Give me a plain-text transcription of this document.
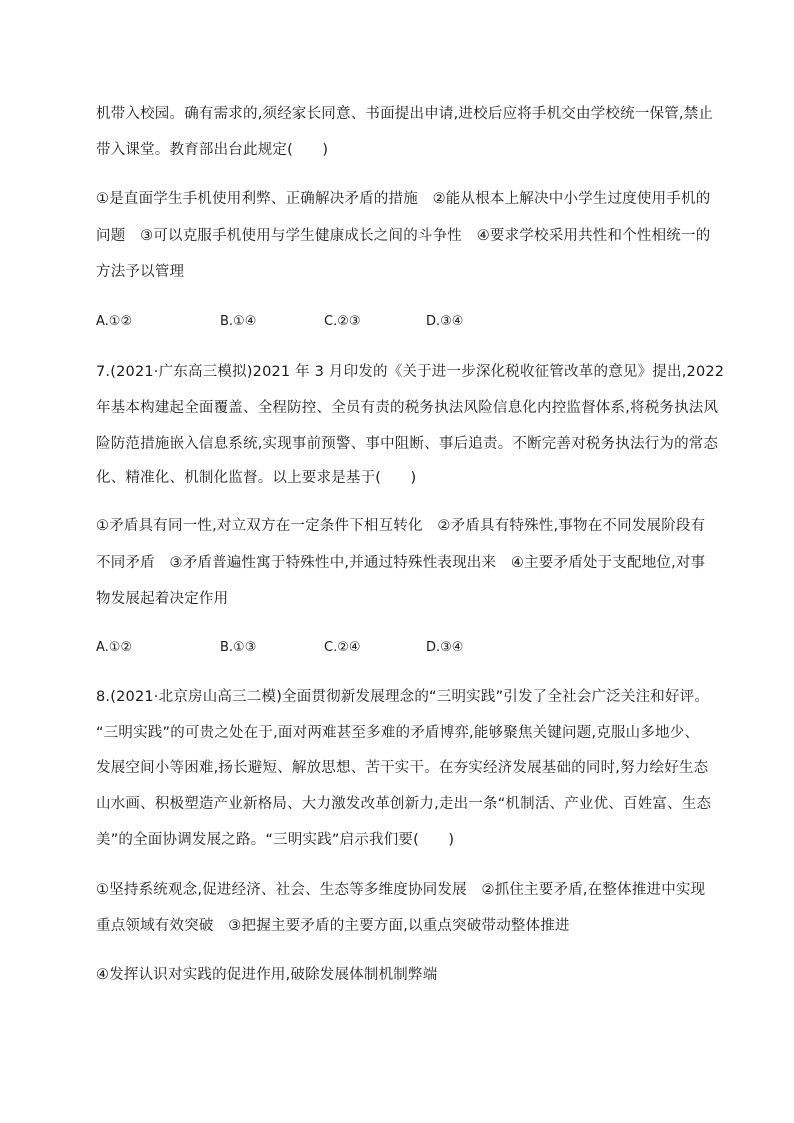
机带入校园。确有需求的,须经家长同意、书面提出申请,进校后应将手机交由学校统一保管,禁止
带入课堂。教育部出台此规定(　　)
①是直面学生手机使用利弊、正确解决矛盾的措施　②能从根本上解决中小学生过度使用手机的
问题　③可以克服手机使用与学生健康成长之间的斗争性　④要求学校采用共性和个性相统一的
方法予以管理
A.①②	B.①④	C.②③	D.③④
7.(2021·广东高三模拟)2021 年 3 月印发的《关于进一步深化税收征管改革的意见》提出,2022
年基本构建起全面覆盖、全程防控、全员有责的税务执法风险信息化内控监督体系,将税务执法风
险防范措施嵌入信息系统,实现事前预警、事中阻断、事后追责。不断完善对税务执法行为的常态
化、精准化、机制化监督。以上要求是基于(　　)
①矛盾具有同一性,对立双方在一定条件下相互转化　②矛盾具有特殊性,事物在不同发展阶段有
不同矛盾　③矛盾普遍性寓于特殊性中,并通过特殊性表现出来　④主要矛盾处于支配地位,对事
物发展起着决定作用
A.①②	B.①③	C.②④	D.③④
8.(2021·北京房山高三二模)全面贯彻新发展理念的“三明实践”引发了全社会广泛关注和好评。
“三明实践”的可贵之处在于,面对两难甚至多难的矛盾博弈,能够聚焦关键问题,克服山多地少、
发展空间小等困难,扬长避短、解放思想、苦干实干。在夯实经济发展基础的同时,努力绘好生态
山水画、积极塑造产业新格局、大力激发改革创新力,走出一条“机制活、产业优、百姓富、生态
美”的全面协调发展之路。“三明实践”启示我们要(　　)
①坚持系统观念,促进经济、社会、生态等多维度协同发展　②抓住主要矛盾,在整体推进中实现
重点领域有效突破　③把握主要矛盾的主要方面,以重点突破带动整体推进
④发挥认识对实践的促进作用,破除发展体制机制弊端
